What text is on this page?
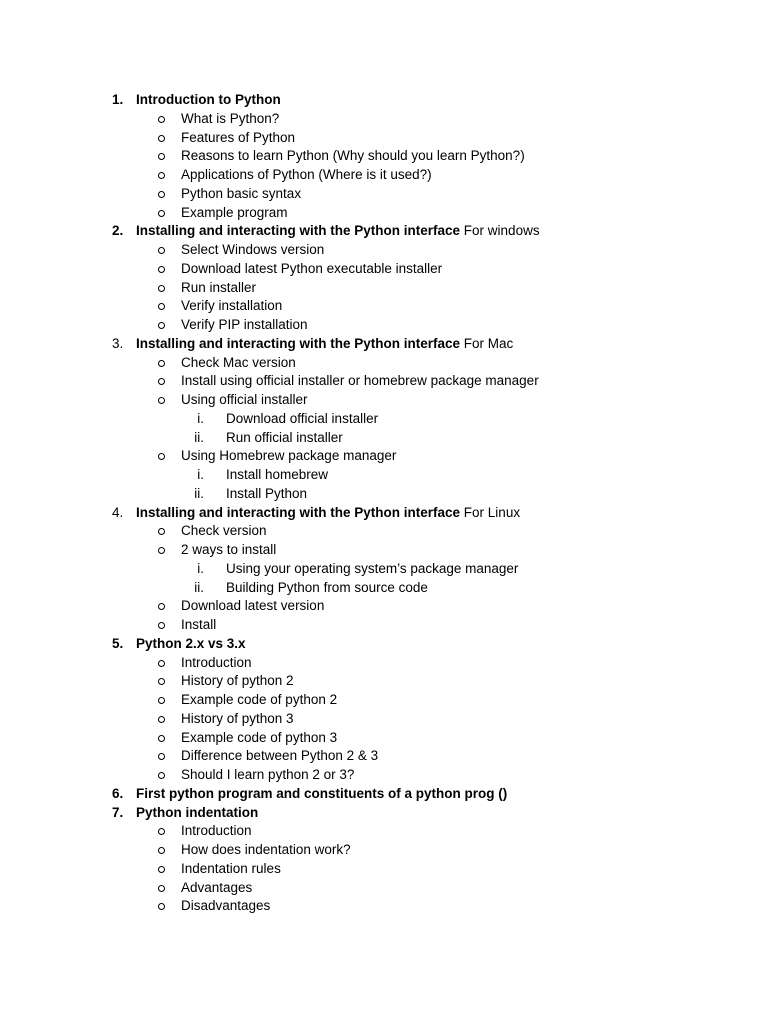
1. Introduction to Python
What is Python?
Features of Python
Reasons to learn Python (Why should you learn Python?)
Applications of Python (Where is it used?)
Python basic syntax
Example program
2. Installing and interacting with the Python interface For windows
Select Windows version
Download latest Python executable installer
Run installer
Verify installation
Verify PIP installation
3. Installing and interacting with the Python interface For Mac
Check Mac version
Install using official installer or homebrew package manager
Using official installer
i. Download official installer
ii. Run official installer
Using Homebrew package manager
i. Install homebrew
ii. Install Python
4. Installing and interacting with the Python interface For Linux
Check version
2 ways to install
i. Using your operating system’s package manager
ii. Building Python from source code
Download latest version
Install
5. Python 2.x vs 3.x
Introduction
History of python 2
Example code of python 2
History of python 3
Example code of python 3
Difference between Python 2 & 3
Should I learn python 2 or 3?
6. First python program and constituents of a python prog ()
7. Python indentation
Introduction
How does indentation work?
Indentation rules
Advantages
Disadvantages
